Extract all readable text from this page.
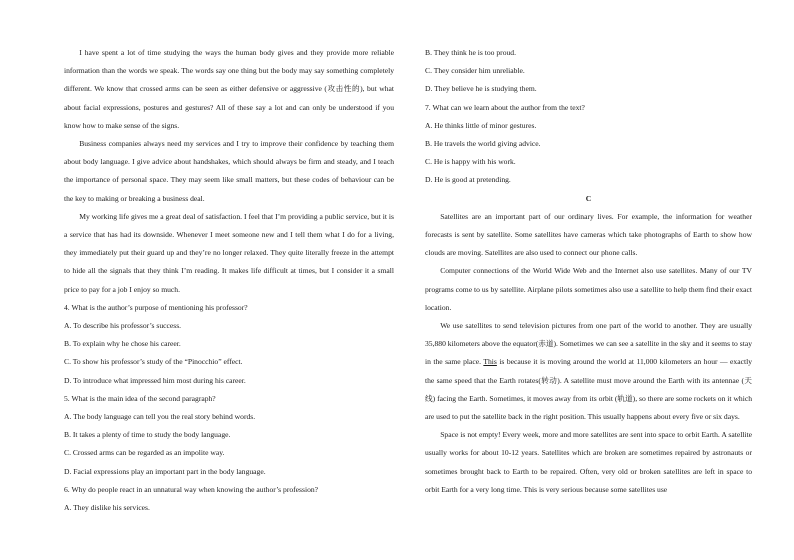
I have spent a lot of time studying the ways the human body gives and they provide more reliable information than the words we speak. The words say one thing but the body may say something completely different. We know that crossed arms can be seen as either defensive or aggressive (攻击性的), but what about facial expressions, postures and gestures? All of these say a lot and can only be understood if you know how to make sense of the signs.

Business companies always need my services and I try to improve their confidence by teaching them about body language. I give advice about handshakes, which should always be firm and steady, and I teach the importance of personal space. They may seem like small matters, but these codes of behaviour can be the key to making or breaking a business deal.

My working life gives me a great deal of satisfaction. I feel that I’m providing a public service, but it is a service that has had its downside. Whenever I meet someone new and I tell them what I do for a living, they immediately put their guard up and they’re no longer relaxed. They quite literally freeze in the attempt to hide all the signals that they think I’m reading. It makes life difficult at times, but I consider it a small price to pay for a job I enjoy so much.

4. What is the author’s purpose of mentioning his professor?

A. To describe his professor’s success.

B. To explain why he chose his career.

C. To show his professor’s study of the “Pinocchio” effect.

D. To introduce what impressed him most during his career.

5. What is the main idea of the second paragraph?

A. The body language can tell you the real story behind words.

B. It takes a plenty of time to study the body language.

C. Crossed arms can be regarded as an impolite way.

D. Facial expressions play an important part in the body language.

6. Why do people react in an unnatural way when knowing the author’s profession?

A. They dislike his services.

B. They think he is too proud.

C. They consider him unreliable.

D. They believe he is studying them.

7. What can we learn about the author from the text?

A. He thinks little of minor gestures.

B. He travels the world giving advice.

C. He is happy with his work.

D. He is good at pretending.

C

Satellites are an important part of our ordinary lives. For example, the information for weather forecasts is sent by satellite. Some satellites have cameras which take photographs of Earth to show how clouds are moving. Satellites are also used to connect our phone calls.

Computer connections of the World Wide Web and the Internet also use satellites. Many of our TV programs come to us by satellite. Airplane pilots sometimes also use a satellite to help them find their exact location.

We use satellites to send television pictures from one part of the world to another. They are usually 35,880 kilometers above the equator(赤道). Sometimes we can see a satellite in the sky and it seems to stay in the same place. This is because it is moving around the world at 11,000 kilometers an hour — exactly the same speed that the Earth rotates(转动). A satellite must move around the Earth with its antennae (天线) facing the Earth. Sometimes, it moves away from its orbit (轨道), so there are some rockets on it which are used to put the satellite back in the right position. This usually happens about every five or six days.

Space is not empty! Every week, more and more satellites are sent into space to orbit Earth. A satellite usually works for about 10-12 years. Satellites which are broken are sometimes repaired by astronauts or sometimes brought back to Earth to be repaired. Often, very old or broken satellites are left in space to orbit Earth for a very long time. This is very serious because some satellites use
